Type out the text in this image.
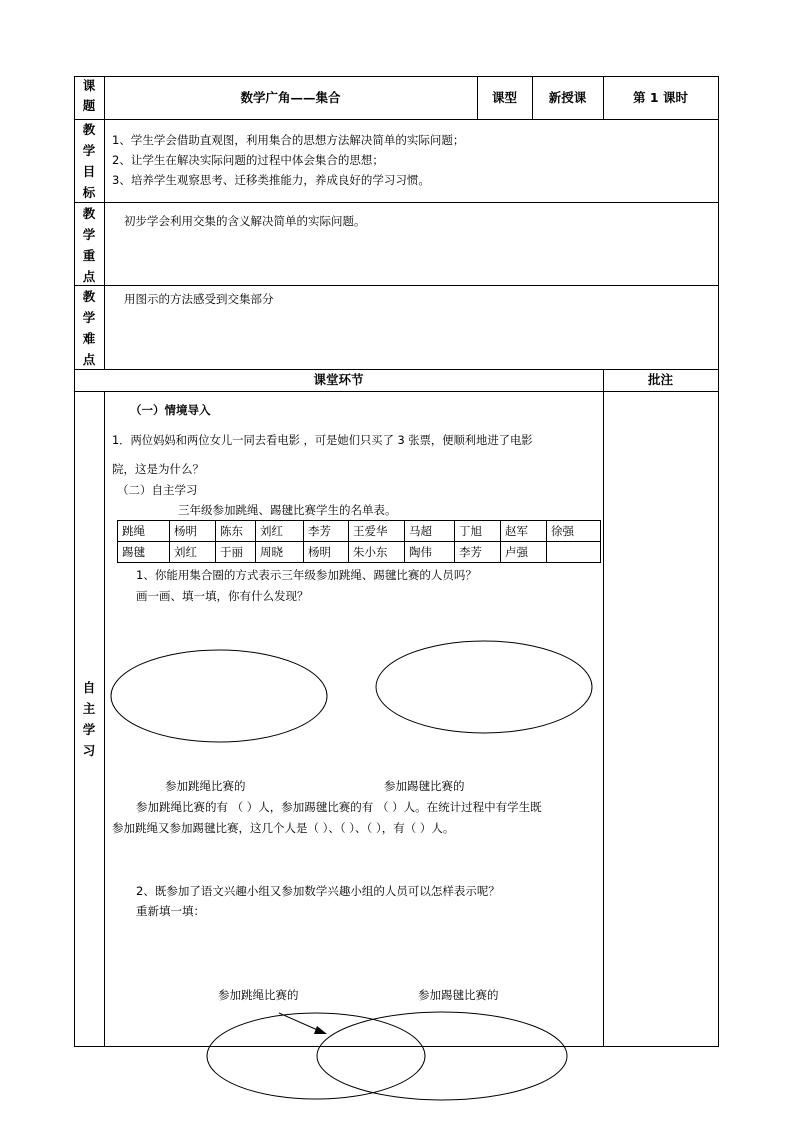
课题
数学广角——集合	课型	新授课	第 1 课时
教学目标
1、学生学会借助直观图，利用集合的思想方法解决简单的实际问题；
2、让学生在解决实际问题的过程中体会集合的思想；
3、培养学生观察思考、迁移类推能力，养成良好的学习习惯。
教学重点
初步学会利用交集的含义解决简单的实际问题。
教学难点
用图示的方法感受到交集部分
课堂环节	批注
自主学习
（一）情境导入
1．两位妈妈和两位女儿一同去看电影 ，可是她们只买了 3 张票，便顺利地进了电影
院，这是为什么？
（二）自主学习
三年级参加跳绳、踢毽比赛学生的名单表。
跳绳	杨明	陈东	刘红	李芳	王爱华	马超	丁旭	赵军	徐强
踢毽	刘红	于丽	周晓	杨明	朱小东	陶伟	李芳	卢强	
1、你能用集合圈的方式表示三年级参加跳绳、踢毽比赛的人员吗？
画一画、填一填，你有什么发现？
参加跳绳比赛的	参加踢毽比赛的
参加跳绳比赛的有 （ ）人，参加踢毽比赛的有 （ ）人。在统计过程中有学生既
参加跳绳又参加踢毽比赛，这几个人是（ ）、（ ）、（ ），有（ ）人。
2、既参加了语文兴趣小组又参加数学兴趣小组的人员可以怎样表示呢？
重新填一填：
参加跳绳比赛的	参加踢毽比赛的
